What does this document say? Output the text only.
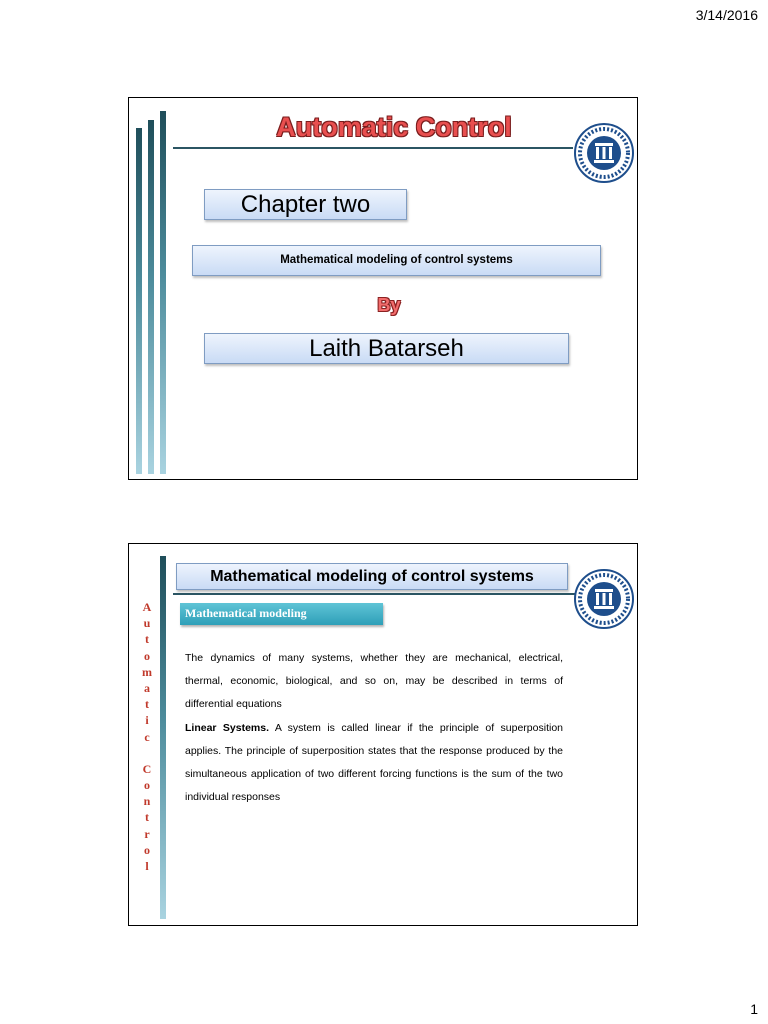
3/14/2016
Automatic Control
Chapter two
Mathematical modeling of control systems
By
Laith Batarseh
A
u
t
o
m
a
t
i
c
C
o
n
t
r
o
l
Mathematical modeling of control systems
Mathematical modeling

The dynamics of many systems, whether they are mechanical, electrical, thermal, economic, biological, and so on, may be described in terms of differential equations

Linear Systems. A system is called linear if the principle of superposition applies. The principle of superposition states that the response produced by the simultaneous application of two different forcing functions is the sum of the two individual responses

1
